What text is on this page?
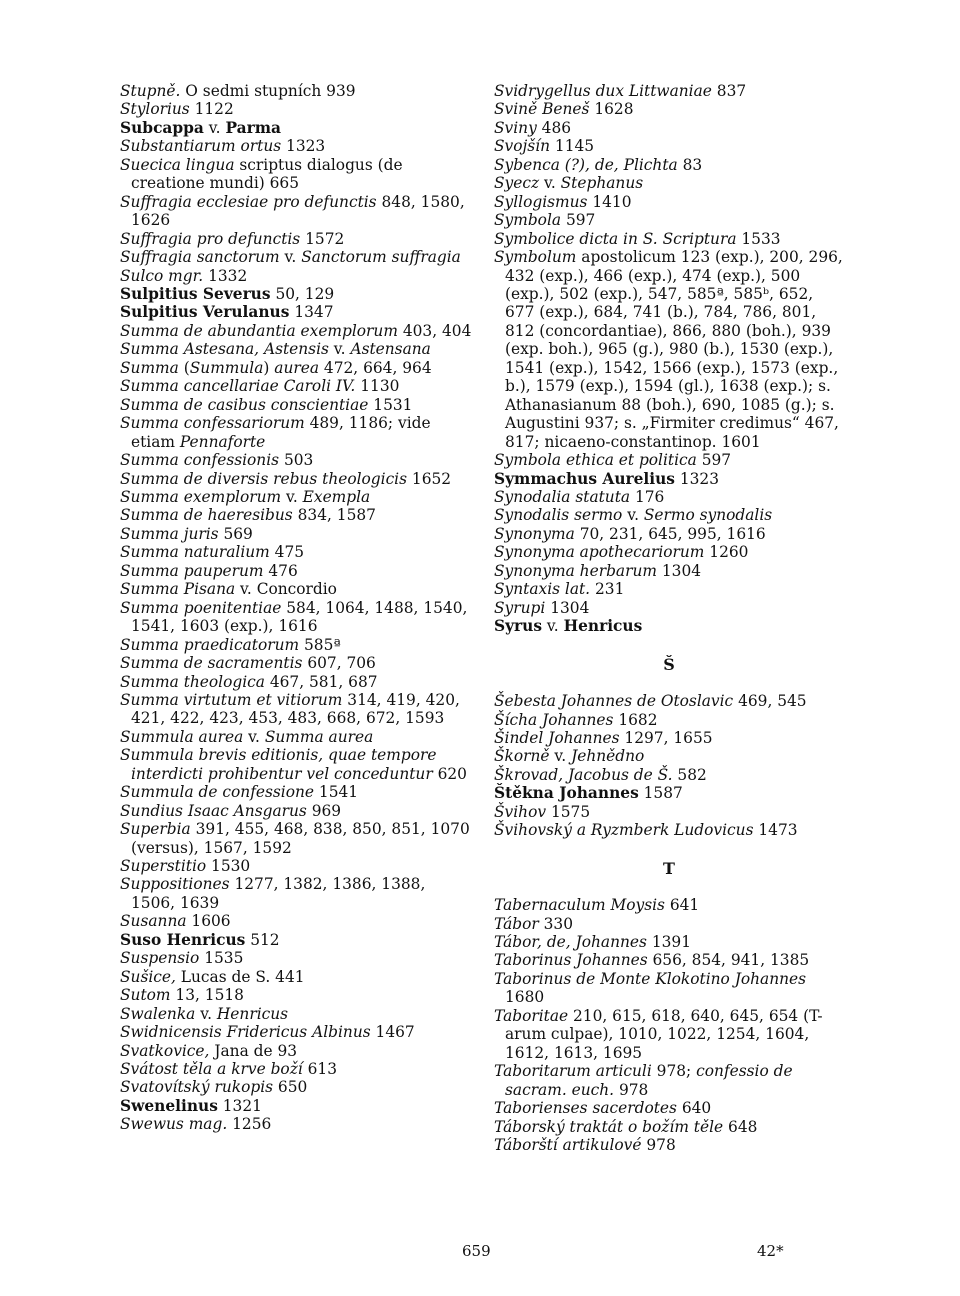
Stupně. O sedmi stupních 939
Stylorius 1122
Subcappa v. Parma
Substantiarum ortus 1323
Suecica lingua scriptus dialogus (de creatione mundi) 665
Suffragia ecclesiae pro defunctis 848, 1580, 1626
Suffragia pro defunctis 1572
Suffragia sanctorum v. Sanctorum suffragia
Sulco mgr. 1332
Sulpitius Severus 50, 129
Sulpitius Verulanus 1347
Summa de abundantia exemplorum 403, 404
Summa Astesana, Astensis v. Astensana
Summa (Summula) aurea 472, 664, 964
Summa cancellariae Caroli IV. 1130
Summa de casibus conscientiae 1531
Summa confessariorum 489, 1186; vide etiam Pennaforte
Summa confessionis 503
Summa de diversis rebus theologicis 1652
Summa exemplorum v. Exempla
Summa de haeresibus 834, 1587
Summa juris 569
Summa naturalium 475
Summa pauperum 476
Summa Pisana v. Concordio
Summa poenitentiae 584, 1064, 1488, 1540, 1541, 1603 (exp.), 1616
Summa praedicatorum 585ª
Summa de sacramentis 607, 706
Summa theologica 467, 581, 687
Summa virtutum et vitiorum 314, 419, 420, 421, 422, 423, 453, 483, 668, 672, 1593
Summula aurea v. Summa aurea
Summula brevis editionis, quae tempore interdicti prohibentur vel conceduntur 620
Summula de confessione 1541
Sundius Isaac Ansgarus 969
Superbia 391, 455, 468, 838, 850, 851, 1070 (versus), 1567, 1592
Superstitio 1530
Suppositiones 1277, 1382, 1386, 1388, 1506, 1639
Susanna 1606
Suso Henricus 512
Suspensio 1535
Sušice, Lucas de S. 441
Sutom 13, 1518
Swalenka v. Henricus
Swidnicensis Fridericus Albinus 1467
Svatkovice, Jana de 93
Svátost těla a krve boží 613
Svatovítský rukopis 650
Swenelinus 1321
Swewus mag. 1256
Svidrygellus dux Littwaniae 837
Svině Beneš 1628
Sviny 486
Svojšín 1145
Sybenca (?), de, Plichta 83
Syecz v. Stephanus
Syllogismus 1410
Symbola 597
Symbolice dicta in S. Scriptura 1533
Symbolum apostolicum 123 (exp.), 200, 296, 432 (exp.), 466 (exp.), 474 (exp.), 500 (exp.), 502 (exp.), 547, 585ª, 585ᵇ, 652, 677 (exp.), 684, 741 (b.), 784, 786, 801, 812 (concordantiae), 866, 880 (boh.), 939 (exp. boh.), 965 (g.), 980 (b.), 1530 (exp.), 1541 (exp.), 1542, 1566 (exp.), 1573 (exp., b.), 1579 (exp.), 1594 (gl.), 1638 (exp.); s. Athanasianum 88 (boh.), 690, 1085 (g.); s. Augustini 937; s. „Firmiter credimus“ 467, 817; nicaeno-constantinop. 1601
Symbola ethica et politica 597
Symmachus Aurelius 1323
Synodalia statuta 176
Synodalis sermo v. Sermo synodalis
Synonyma 70, 231, 645, 995, 1616
Synonyma apothecariorum 1260
Synonyma herbarum 1304
Syntaxis lat. 231
Syrupi 1304
Syrus v. Henricus
Š
Šebesta Johannes de Otoslavic 469, 545
Šícha Johannes 1682
Šindel Johannes 1297, 1655
Škorně v. Jehnědno
Škrovad, Jacobus de Š. 582
Štěkna Johannes 1587
Švihov 1575
Švihovský a Ryzmberk Ludovicus 1473
T
Tabernaculum Moysis 641
Tábor 330
Tábor, de, Johannes 1391
Taborinus Johannes 656, 854, 941, 1385
Taborinus de Monte Klokotino Johannes 1680
Taboritae 210, 615, 618, 640, 645, 654 (T-arum culpae), 1010, 1022, 1254, 1604, 1612, 1613, 1695
Taboritarum articuli 978; confessio de sacram. euch. 978
Taborienses sacerdotes 640
Táborský traktát o božím těle 648
Táborští artikulové 978
659	42*
